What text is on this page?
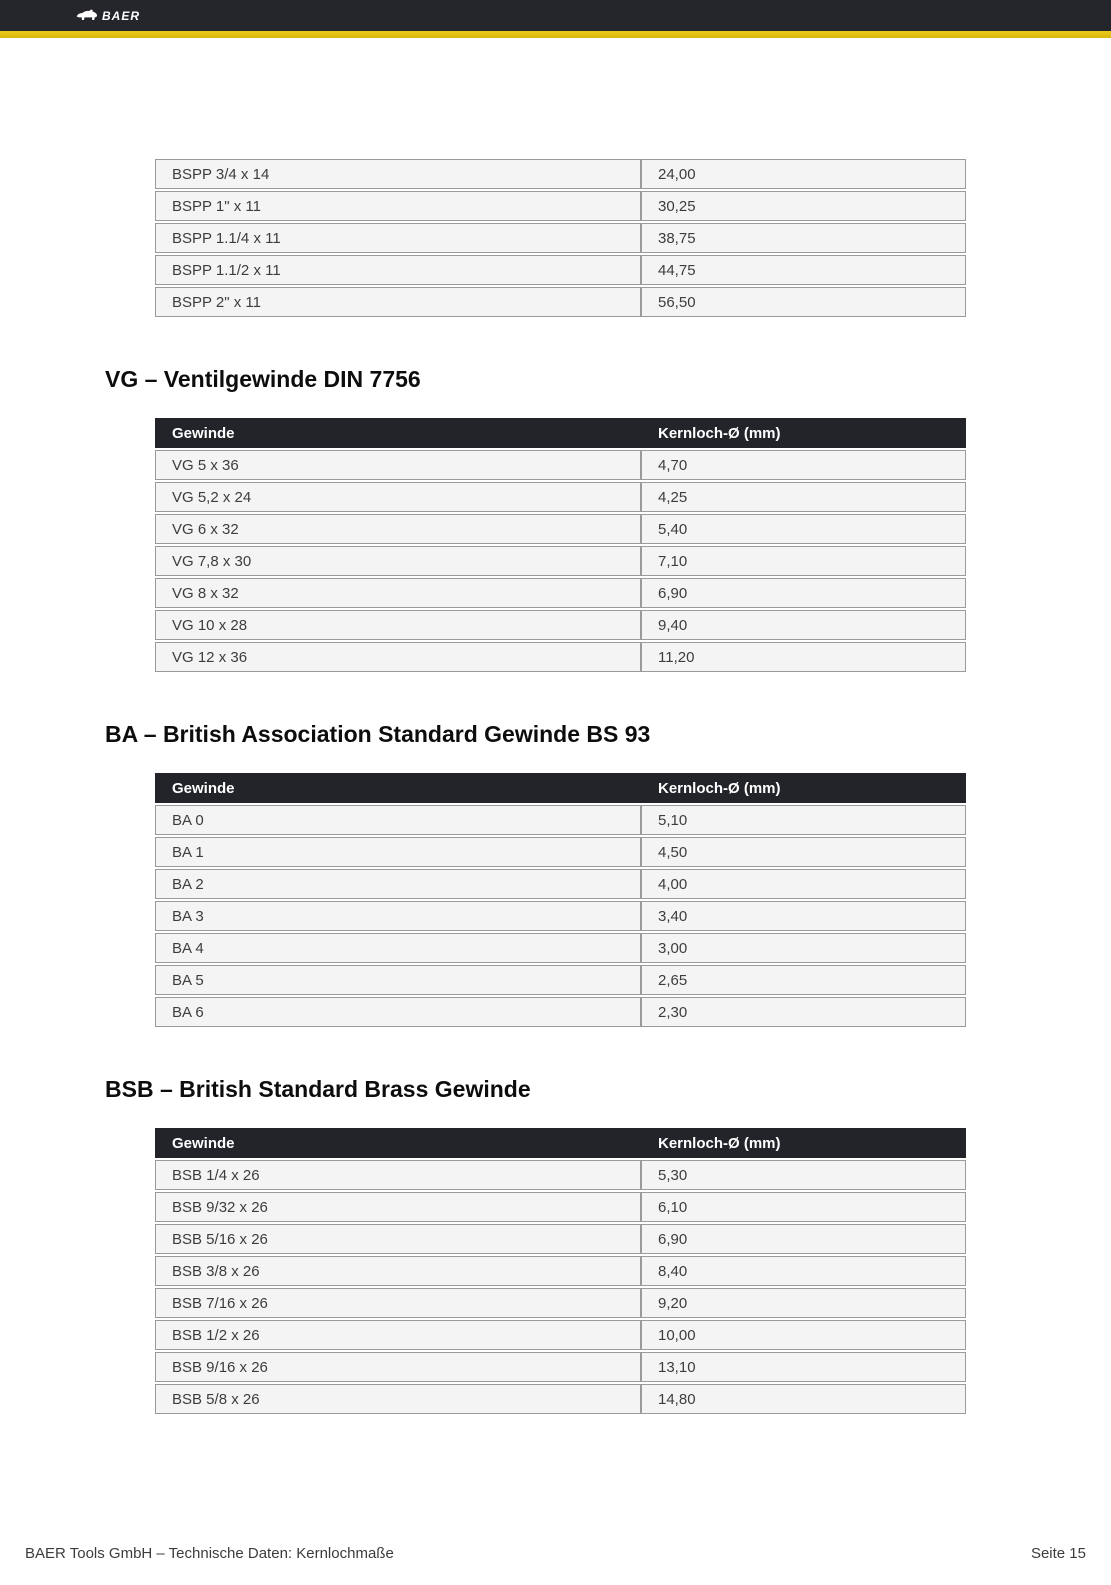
BAER
BSPP 3/4 x 14	24,00
BSPP 1" x 11	30,25
BSPP 1.1/4 x 11	38,75
BSPP 1.1/2 x 11	44,75
BSPP 2" x 11	56,50
VG – Ventilgewinde DIN 7756
Gewinde	Kernloch-Ø (mm)
VG 5 x 36	4,70
VG 5,2 x 24	4,25
VG 6 x 32	5,40
VG 7,8 x 30	7,10
VG 8 x 32	6,90
VG 10 x 28	9,40
VG 12 x 36	11,20
BA – British Association Standard Gewinde BS 93
Gewinde	Kernloch-Ø (mm)
BA 0	5,10
BA 1	4,50
BA 2	4,00
BA 3	3,40
BA 4	3,00
BA 5	2,65
BA 6	2,30
BSB – British Standard Brass Gewinde
Gewinde	Kernloch-Ø (mm)
BSB 1/4 x 26	5,30
BSB 9/32 x 26	6,10
BSB 5/16 x 26	6,90
BSB 3/8 x 26	8,40
BSB 7/16 x 26	9,20
BSB 1/2 x 26	10,00
BSB 9/16 x 26	13,10
BSB 5/8 x 26	14,80
BAER Tools GmbH – Technische Daten: Kernlochmaße	Seite 15
